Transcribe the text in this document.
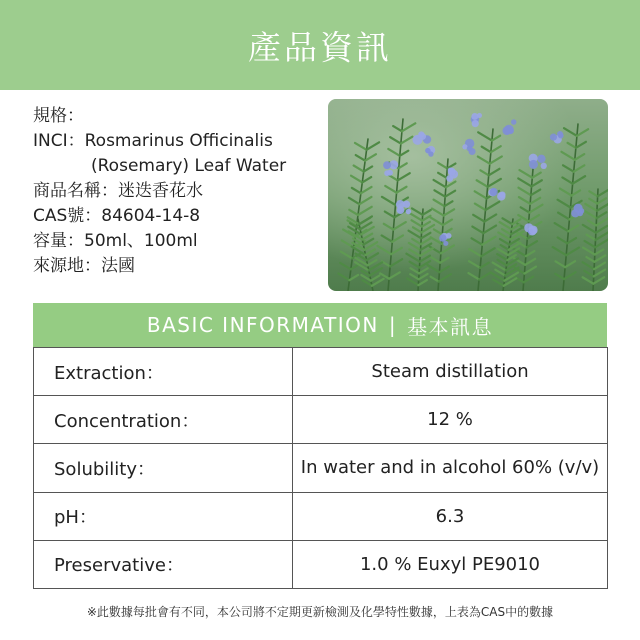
產品資訊
規格：
INCI：Rosmarinus Officinalis
(Rosemary) Leaf Water
商品名稱：迷迭香花水
CAS號：84604-14-8
容量：50ml、100ml
來源地：法國
BASIC INFORMATION | 基本訊息
Extraction：	Steam distillation
Concentration：	12 %
Solubility：	In water and in alcohol 60% (v/v)
pH：	6.3
Preservative：	1.0 % Euxyl PE9010
※此數據每批會有不同，本公司將不定期更新檢測及化學特性數據，上表為CAS中的數據
